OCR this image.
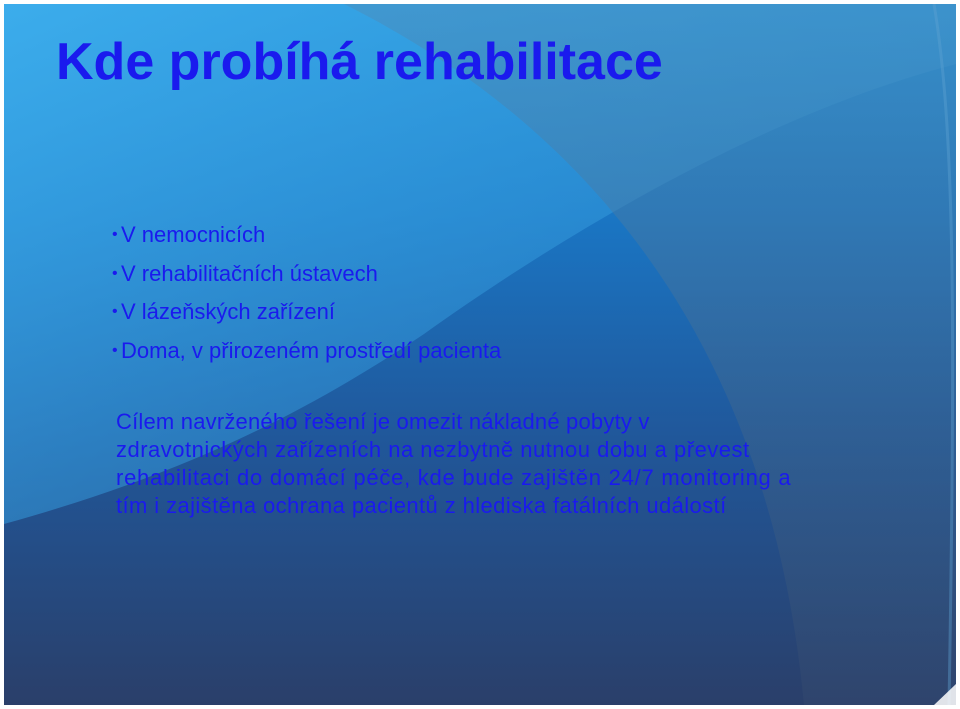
Kde probíhá rehabilitace
• V nemocnicích
• V rehabilitačních ústavech
• V lázeňských zařízení
• Doma, v přirozeném prostředí pacienta

Cílem navrženého řešení je omezit nákladné pobyty v
zdravotnických zařízeních na nezbytně nutnou dobu a převest
rehabilitaci do domácí péče, kde bude zajištěn 24/7 monitoring a
tím i zajištěna ochrana pacientů z hlediska fatálních událostí
